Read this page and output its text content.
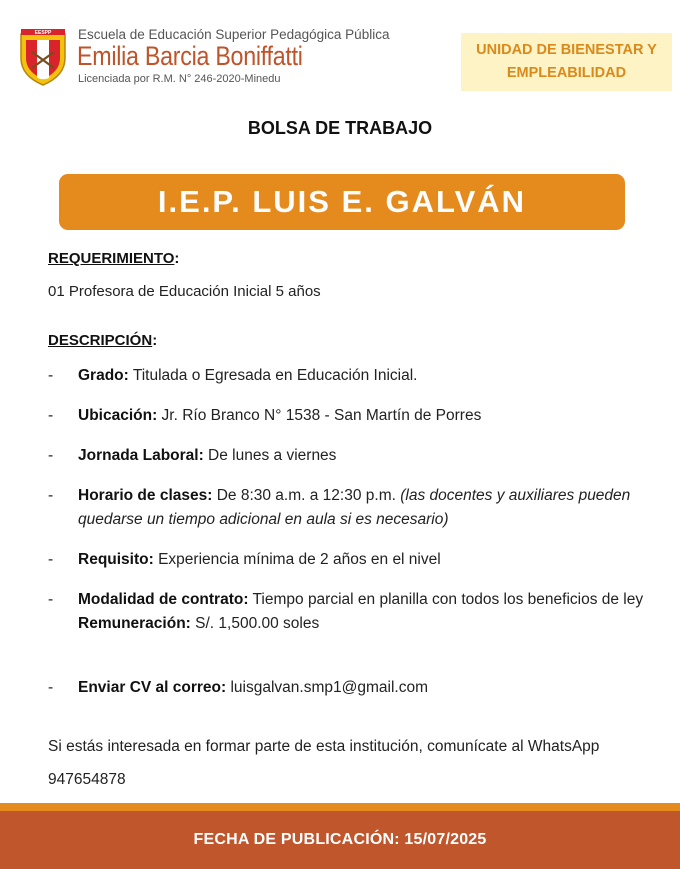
EESPP Escuela de Educación Superior Pedagógica Pública
Emilia Barcia Boniffatti
Licenciada por R.M. N° 246-2020-Minedu
UNIDAD DE BIENESTAR Y
EMPLEABILIDAD
BOLSA DE TRABAJO
I.E.P. LUIS E. GALVÁN
REQUERIMIENTO:
01 Profesora de Educación Inicial 5 años
DESCRIPCIÓN:
- Grado: Titulada o Egresada en Educación Inicial.
- Ubicación: Jr. Río Branco N° 1538 - San Martín de Porres
- Jornada Laboral: De lunes a viernes
- Horario de clases: De 8:30 a.m. a 12:30 p.m. (las docentes y auxiliares pueden quedarse un tiempo adicional en aula si es necesario)
- Requisito: Experiencia mínima de 2 años en el nivel
- Modalidad de contrato: Tiempo parcial en planilla con todos los beneficios de ley
Remuneración: S/. 1,500.00 soles
- Enviar CV al correo: luisgalvan.smp1@gmail.com
Si estás interesada en formar parte de esta institución, comunícate al WhatsApp
947654878
FECHA DE PUBLICACIÓN: 15/07/2025
